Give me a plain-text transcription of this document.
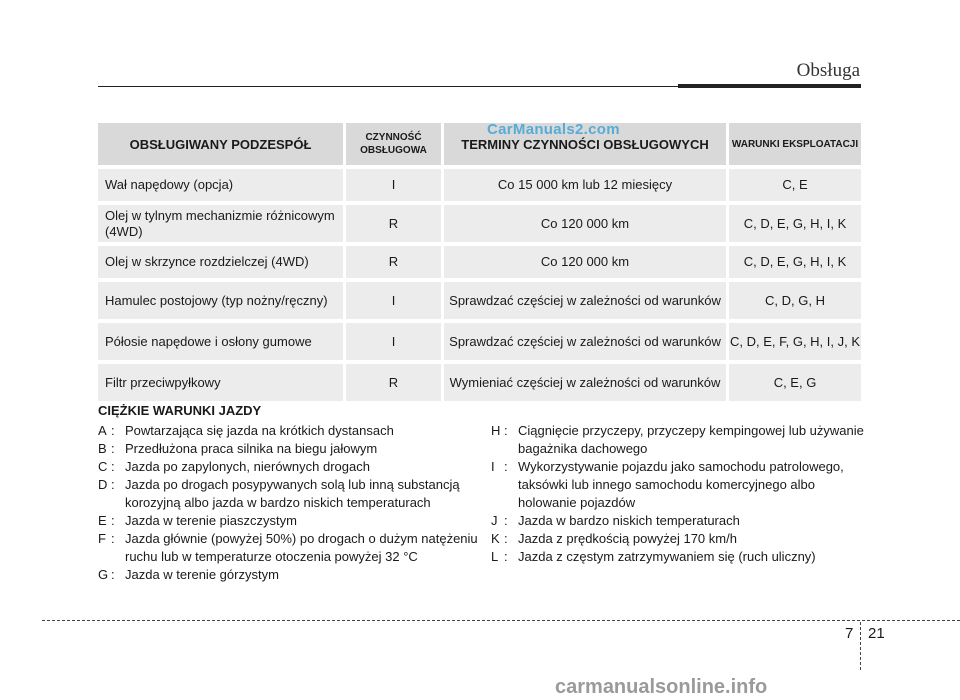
Obsługa
OBSŁUGIWANY PODZESPÓŁ	CZYNNOŚĆ OBSŁUGOWA	TERMINY CZYNNOŚCI OBSŁUGOWYCH	WARUNKI EKSPLOATACJI
Wał napędowy (opcja)	I	Co 15 000 km lub 12 miesięcy	C, E
Olej w tylnym mechanizmie różnicowym (4WD)	R	Co 120 000 km	C, D, E, G, H, I, K
Olej w skrzynce rozdzielczej (4WD)	R	Co 120 000 km	C, D, E, G, H, I, K
Hamulec postojowy (typ nożny/ręczny)	I	Sprawdzać częściej w zależności od warunków	C, D, G, H
Półosie napędowe i osłony gumowe	I	Sprawdzać częściej w zależności od warunków	C, D, E, F, G, H, I, J, K
Filtr przeciwpyłkowy	R	Wymieniać częściej w zależności od warunków	C, E, G
CarManuals2.com
CIĘŻKIE WARUNKI JAZDY
A : Powtarzająca się jazda na krótkich dystansach
B : Przedłużona praca silnika na biegu jałowym
C : Jazda po zapylonych, nierównych drogach
D : Jazda po drogach posypywanych solą lub inną substancją korozyjną albo jazda w bardzo niskich temperaturach
E : Jazda w terenie piaszczystym
F : Jazda głównie (powyżej 50%) po drogach o dużym natężeniu ruchu lub w temperaturze otoczenia powyżej 32 °C
G : Jazda w terenie górzystym
H : Ciągnięcie przyczepy, przyczepy kempingowej lub używanie bagażnika dachowego
I : Wykorzystywanie pojazdu jako samochodu patrolowego, taksówki lub innego samochodu komercyjnego albo holowanie pojazdów
J : Jazda w bardzo niskich temperaturach
K : Jazda z prędkością powyżej 170 km/h
L : Jazda z częstym zatrzymywaniem się (ruch uliczny)
7 21
carmanualsonline.info
